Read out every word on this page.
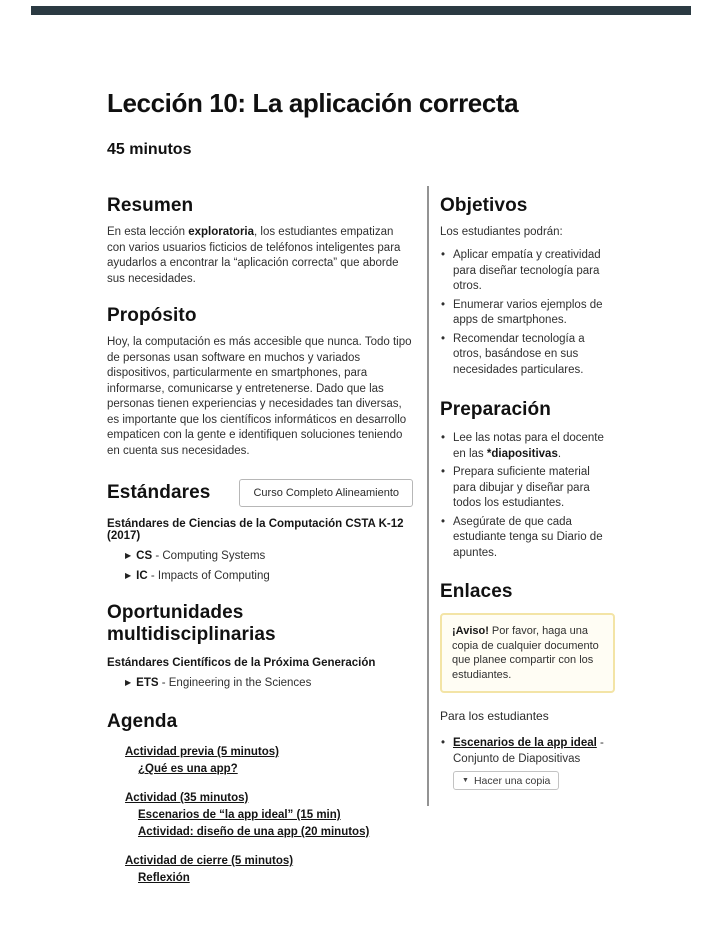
Lección 10: La aplicación correcta
45 minutos
Resumen

En esta lección exploratoria, los estudiantes empatizan con varios usuarios ficticios de teléfonos inteligentes para ayudarlos a encontrar la “aplicación correcta” que aborde sus necesidades.

Propósito

Hoy, la computación es más accesible que nunca. Todo tipo de personas usan software en muchos y variados dispositivos, particularmente en smartphones, para informarse, comunicarse y entretenerse. Dado que las personas tienen experiencias y necesidades tan diversas, es importante que los científicos informáticos en desarrollo empaticen con la gente e identifiquen soluciones teniendo en cuenta sus necesidades.

Estándares	Curso Completo Alineamiento
Estándares de Ciencias de la Computación CSTA K-12 (2017)
▶ CS - Computing Systems
▶ IC - Impacts of Computing
Oportunidades multidisciplinarias
Estándares Científicos de la Próxima Generación
▶ ETS - Engineering in the Sciences
Agenda
Actividad previa (5 minutos)
¿Qué es una app?
Actividad (35 minutos)
Escenarios de “la app ideal” (15 min)
Actividad: diseño de una app (20 minutos)
Actividad de cierre (5 minutos)
Reflexión
Objetivos

Los estudiantes podrán:

• Aplicar empatía y creatividad para diseñar tecnología para otros.
• Enumerar varios ejemplos de apps de smartphones.
• Recomendar tecnología a otros, basándose en sus necesidades particulares.
Preparación
• Lee las notas para el docente en las *diapositivas.
• Prepara suficiente material para dibujar y diseñar para todos los estudiantes.
• Asegúrate de que cada estudiante tenga su Diario de apuntes.
Enlaces
¡Aviso! Por favor, haga una copia de cualquier documento que planee compartir con los estudiantes.
Para los estudiantes
• Escenarios de la app ideal -
Conjunto de Diapositivas
▼ Hacer una copia
